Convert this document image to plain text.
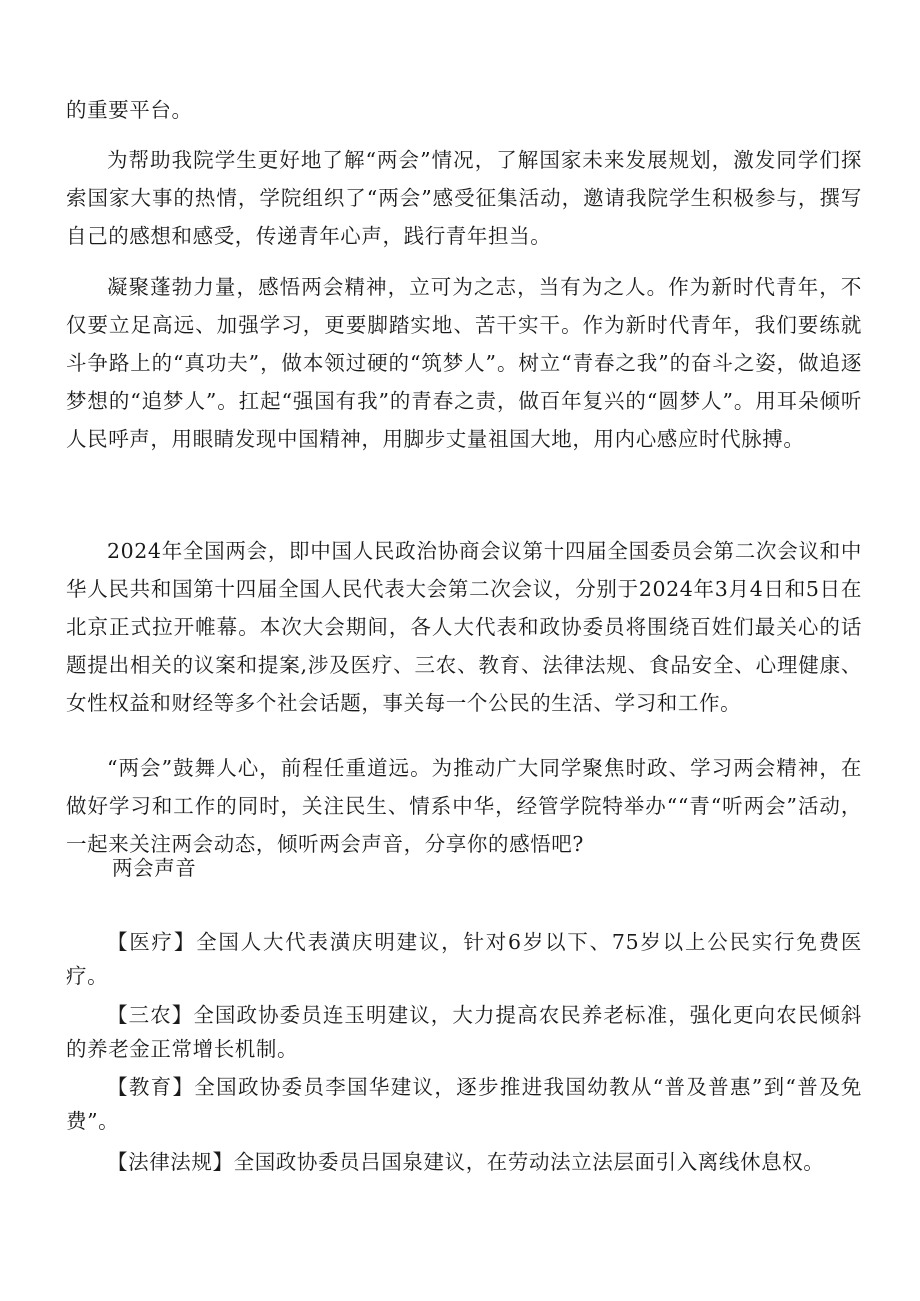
的重要平台。

为帮助我院学生更好地了解“两会”情况，了解国家未来发展规划，激发同学们探索国家大事的热情，学院组织了“两会”感受征集活动，邀请我院学生积极参与，撰写自己的感想和感受，传递青年心声，践行青年担当。

凝聚蓬勃力量，感悟两会精神，立可为之志，当有为之人。作为新时代青年，不仅要立足高远、加强学习，更要脚踏实地、苦干实干。作为新时代青年，我们要练就斗争路上的“真功夫”，做本领过硬的“筑梦人”。树立“青春之我”的奋斗之姿，做追逐梦想的“追梦人”。扛起“强国有我”的青春之责，做百年复兴的“圆梦人”。用耳朵倾听人民呼声，用眼睛发现中国精神，用脚步丈量祖国大地，用内心感应时代脉搏。

2024年全国两会，即中国人民政治协商会议第十四届全国委员会第二次会议和中华人民共和国第十四届全国人民代表大会第二次会议，分别于2024年3月4日和5日在北京正式拉开帷幕。本次大会期间，各人大代表和政协委员将围绕百姓们最关心的话题提出相关的议案和提案,涉及医疗、三农、教育、法律法规、食品安全、心理健康、女性权益和财经等多个社会话题，事关每一个公民的生活、学习和工作。

“两会”鼓舞人心，前程任重道远。为推动广大同学聚焦时政、学习两会精神，在做好学习和工作的同时，关注民生、情系中华，经管学院特举办““青“听两会”活动，一起来关注两会动态，倾听两会声音，分享你的感悟吧?

两会声音

【医疗】全国人大代表潢庆明建议，针对6岁以下、75岁以上公民实行免费医疗。

【三农】全国政协委员连玉明建议，大力提高农民养老标准，强化更向农民倾斜的养老金正常增长机制。

【教育】全国政协委员李国华建议，逐步推进我国幼教从“普及普惠”到“普及免费”。

【法律法规】全国政协委员吕国泉建议，在劳动法立法层面引入离线休息权。
